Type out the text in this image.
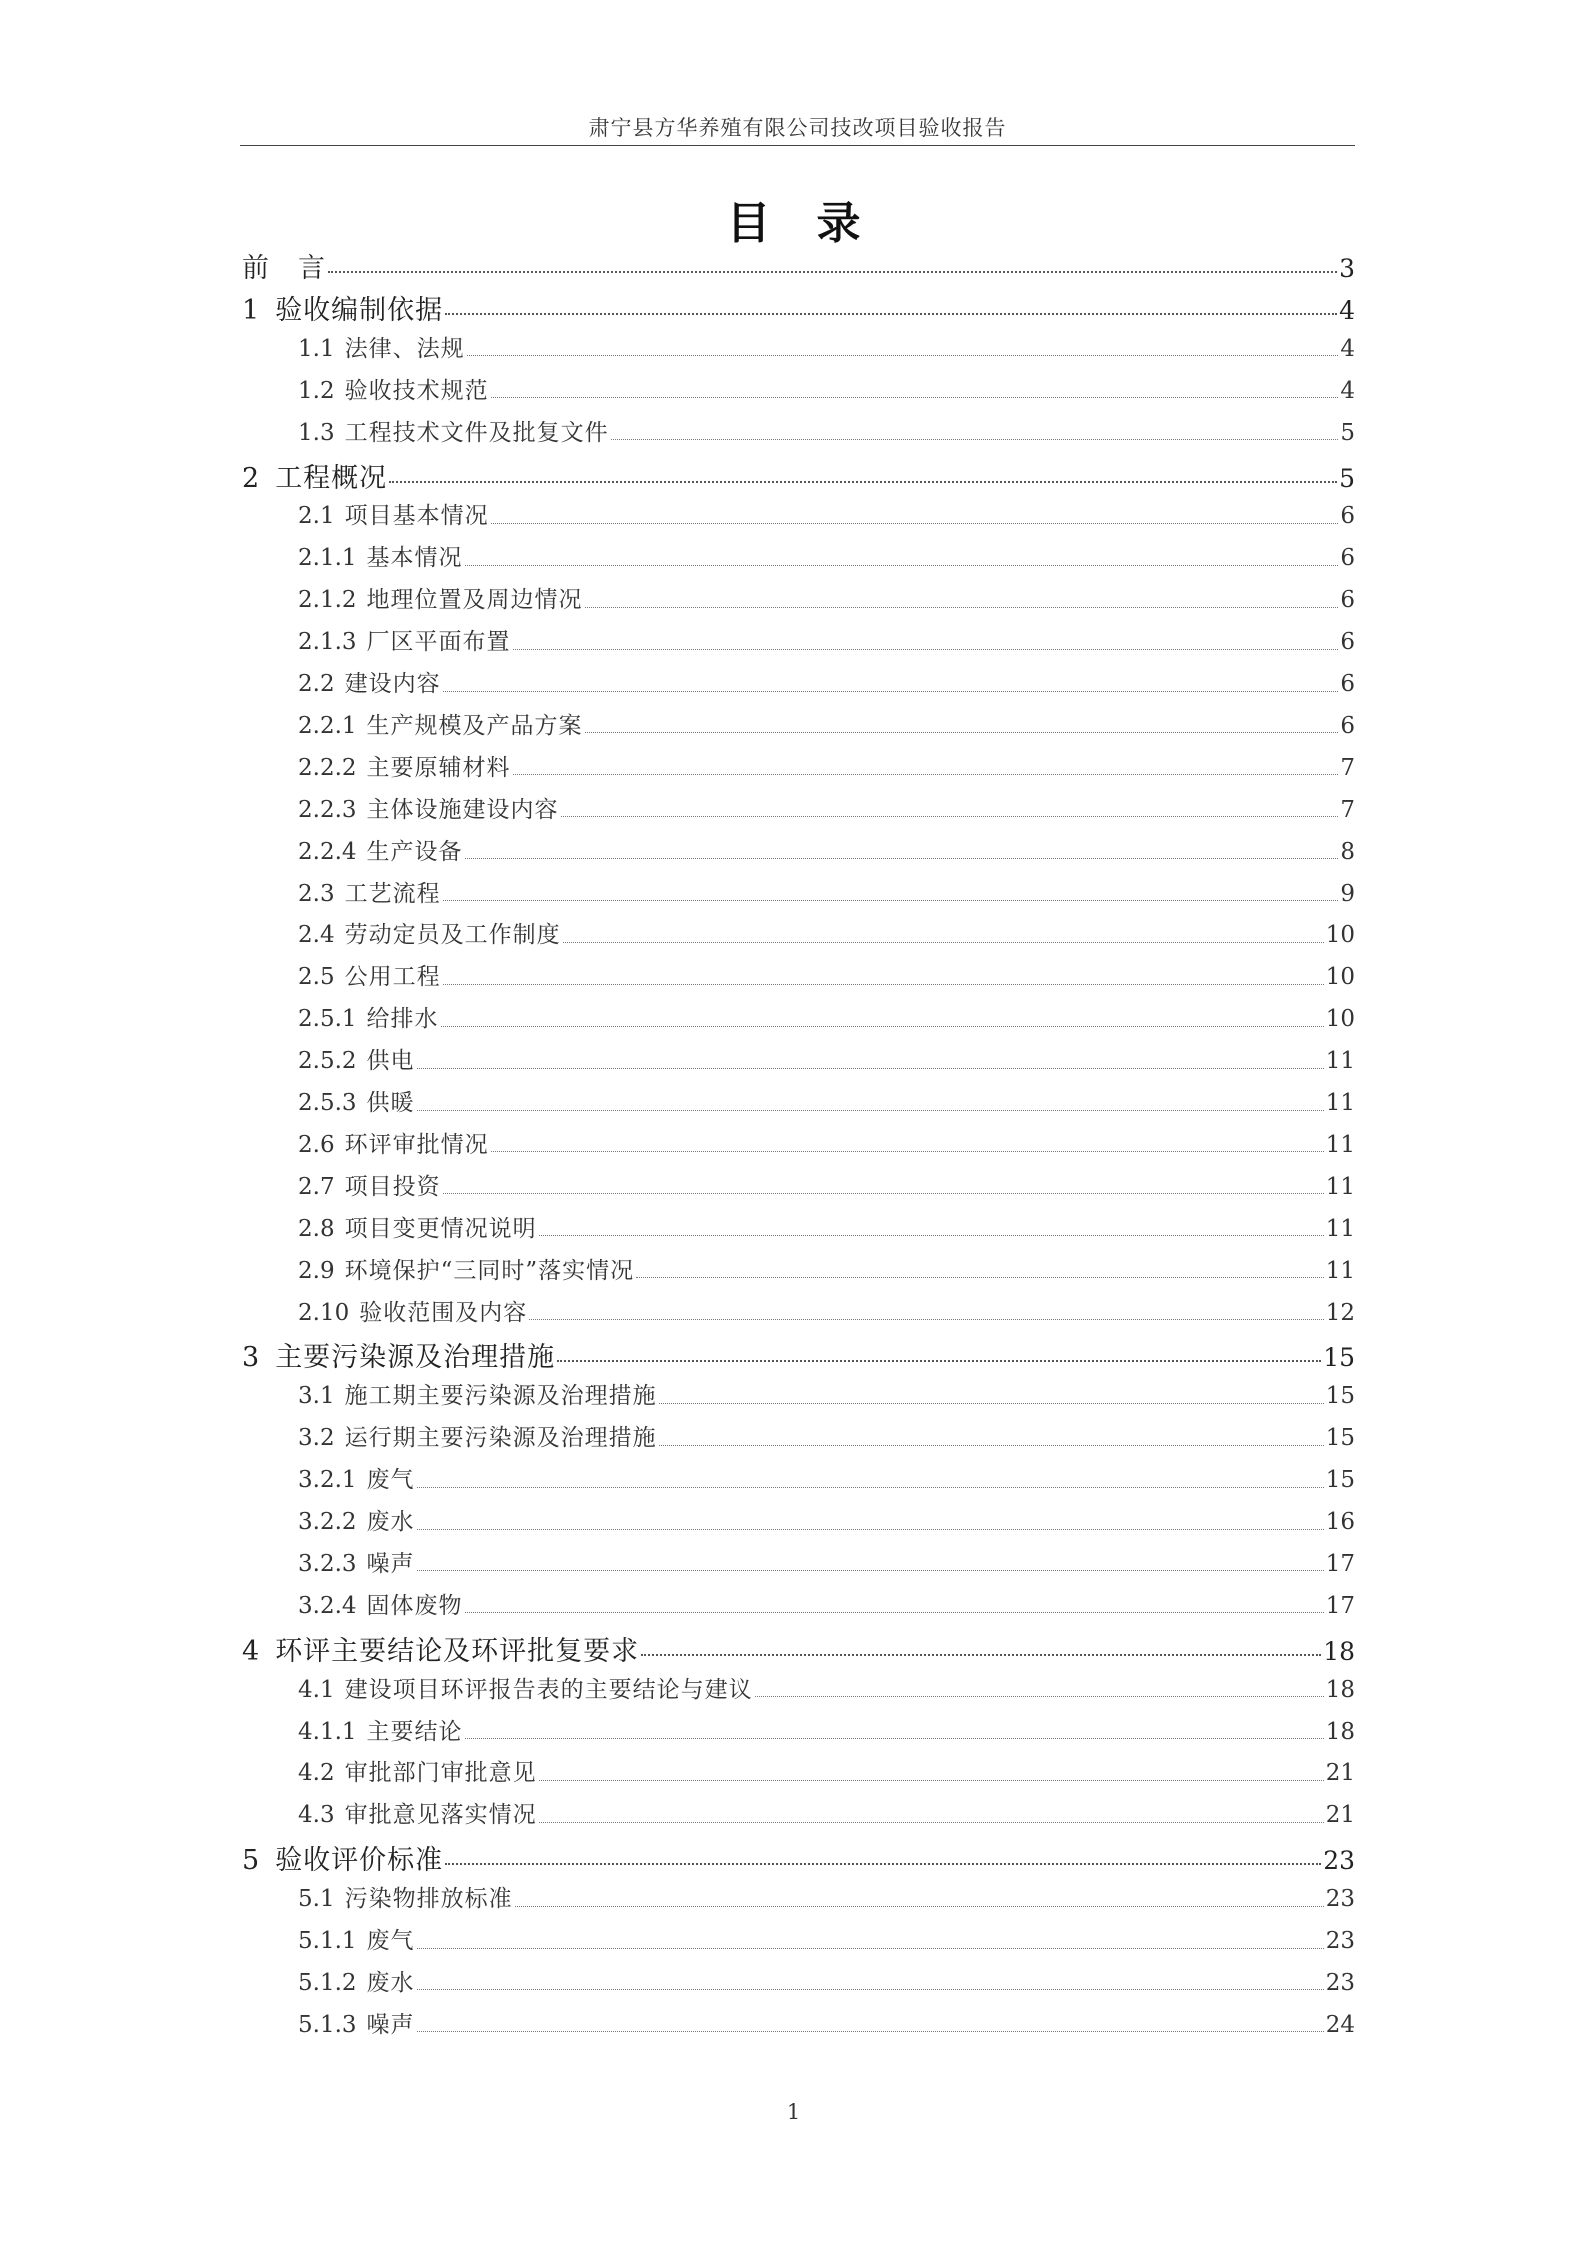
肃宁县方华养殖有限公司技改项目验收报告
目 录
前　言	3
1 验收编制依据	4
1.1 法律、法规	4
1.2 验收技术规范	4
1.3 工程技术文件及批复文件	5
2 工程概况	5
2.1 项目基本情况	6
2.1.1 基本情况	6
2.1.2 地理位置及周边情况	6
2.1.3 厂区平面布置	6
2.2 建设内容	6
2.2.1 生产规模及产品方案	6
2.2.2 主要原辅材料	7
2.2.3 主体设施建设内容	7
2.2.4 生产设备	8
2.3 工艺流程	9
2.4 劳动定员及工作制度	10
2.5 公用工程	10
2.5.1 给排水	10
2.5.2 供电	11
2.5.3 供暖	11
2.6 环评审批情况	11
2.7 项目投资	11
2.8 项目变更情况说明	11
2.9 环境保护“三同时”落实情况	11
2.10 验收范围及内容	12
3 主要污染源及治理措施	15
3.1 施工期主要污染源及治理措施	15
3.2 运行期主要污染源及治理措施	15
3.2.1 废气	15
3.2.2 废水	16
3.2.3 噪声	17
3.2.4 固体废物	17
4 环评主要结论及环评批复要求	18
4.1 建设项目环评报告表的主要结论与建议	18
4.1.1 主要结论	18
4.2 审批部门审批意见	21
4.3 审批意见落实情况	21
5 验收评价标准	23
5.1 污染物排放标准	23
5.1.1 废气	23
5.1.2 废水	23
5.1.3 噪声	24
1
